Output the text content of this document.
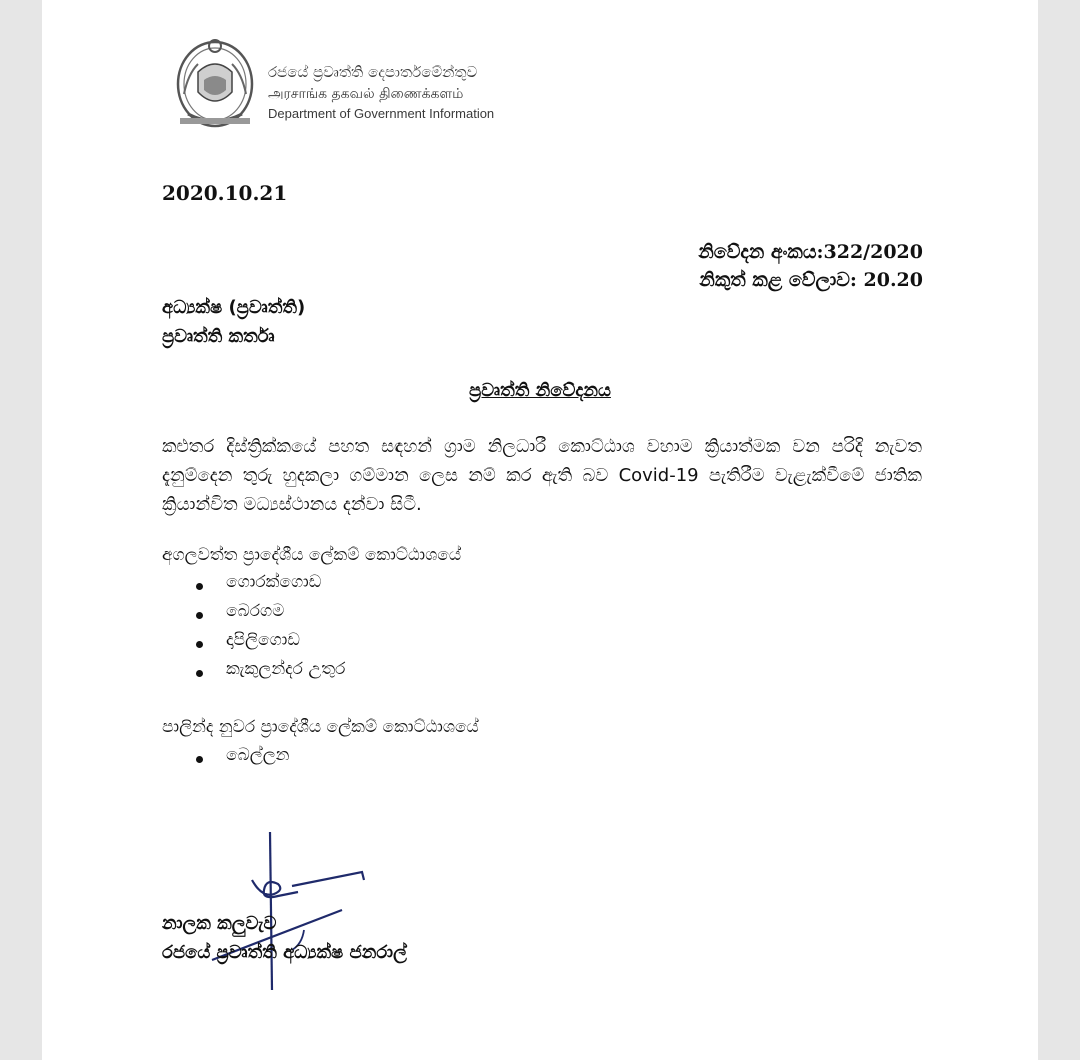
රජයේ ප්‍රවෘත්ති දෙපාර්තමේන්තුව
அரசாங்க தகவல் திணைக்களம்
Department of Government Information
2020.10.21
නිවේදන අංකය:322/2020
නිකුත් කළ වේලාව: 20.20
අධ්‍යක්ෂ (ප්‍රවෘත්ති)
ප්‍රවෘත්ති කර්තෘ
ප්‍රවෘත්ති නිවේදනය
කළුතර දිස්ත්‍රික්කයේ පහත සඳහන් ග්‍රාම නිලධාරී කොට්ඨාශ වහාම ක්‍රියාත්මක වන පරිදි නැවත දැනුම්දෙන තුරු හුදකලා ගම්මාන ලෙස නම් කර ඇති බව Covid-19 පැතිරීම වැළැක්වීමේ ජාතික ක්‍රියාන්විත මධ්‍යස්ථානය දන්වා සිටී.
අගලවත්ත ප්‍රාදේශීය ලේකම් කොට්ඨාශයේ
ගොරක්ගොඩ
බෙරගම
දාපිලිගොඩ
කැකුලන්දර උතුර
පාලින්ද නුවර ප්‍රාදේශීය ලේකම් කොට්ඨාශයේ
බෙල්ලන
නාලක කලුවැව
රජයේ ප්‍රවෘත්ති අධ්‍යක්ෂ ජනරාල්
